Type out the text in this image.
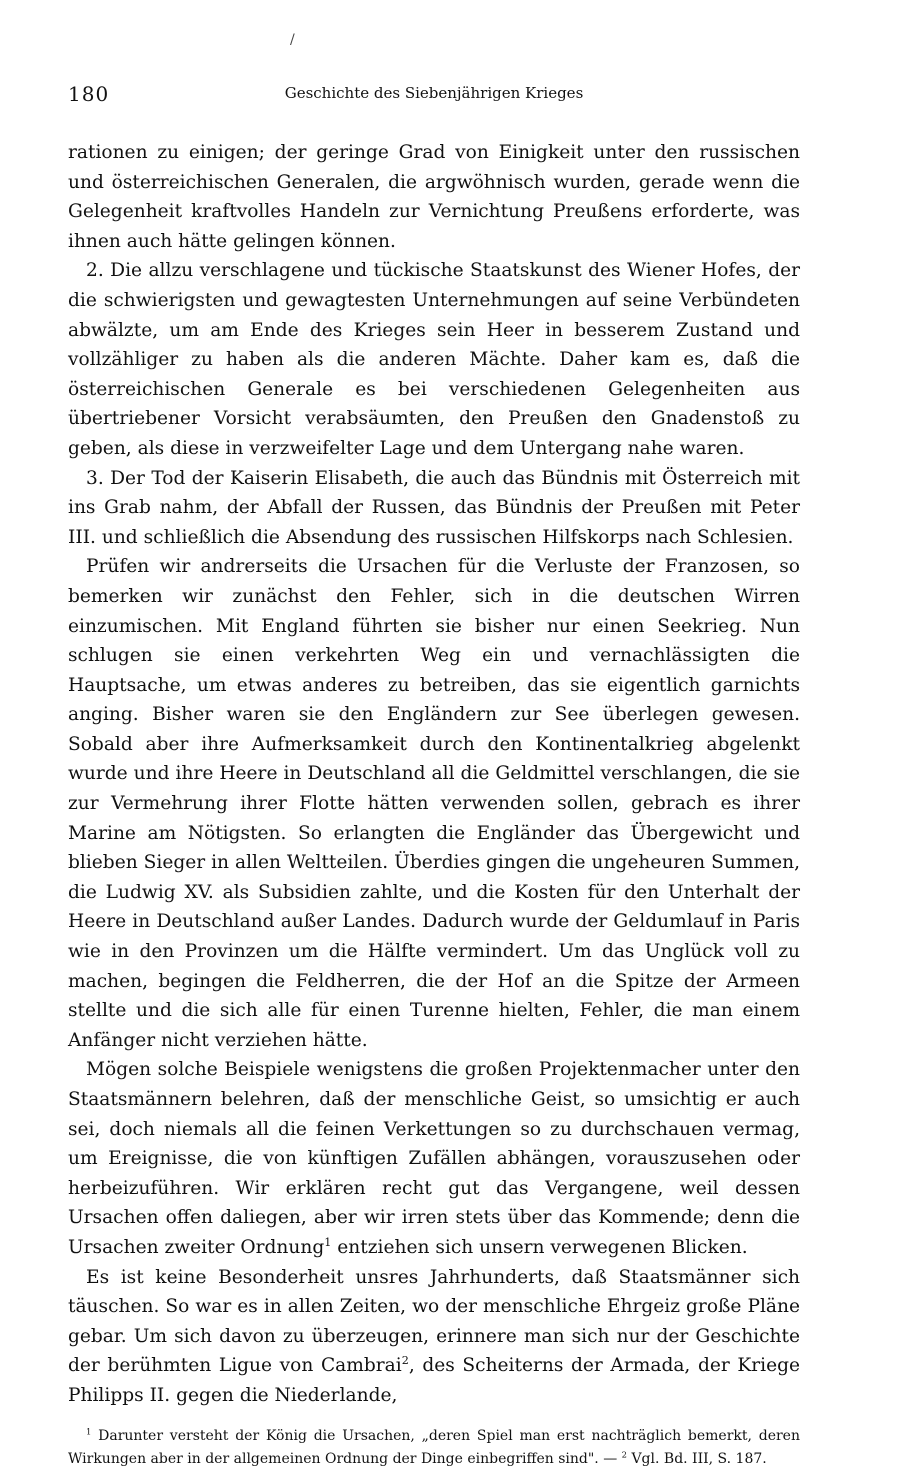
/
180	Geschichte des Siebenjährigen Krieges

rationen zu einigen; der geringe Grad von Einigkeit unter den russischen und österreichischen Generalen, die argwöhnisch wurden, gerade wenn die Gelegenheit kraftvolles Handeln zur Vernichtung Preußens erforderte, was ihnen auch hätte gelingen können.

2. Die allzu verschlagene und tückische Staatskunst des Wiener Hofes, der die schwierigsten und gewagtesten Unternehmungen auf seine Verbündeten abwälzte, um am Ende des Krieges sein Heer in besserem Zustand und vollzähliger zu haben als die anderen Mächte. Daher kam es, daß die österreichischen Generale es bei verschiedenen Gelegenheiten aus übertriebener Vorsicht verabsäumten, den Preußen den Gnadenstoß zu geben, als diese in verzweifelter Lage und dem Untergang nahe waren.

3. Der Tod der Kaiserin Elisabeth, die auch das Bündnis mit Österreich mit ins Grab nahm, der Abfall der Russen, das Bündnis der Preußen mit Peter III. und schließlich die Absendung des russischen Hilfskorps nach Schlesien.

Prüfen wir andrerseits die Ursachen für die Verluste der Franzosen, so bemerken wir zunächst den Fehler, sich in die deutschen Wirren einzumischen. Mit England führten sie bisher nur einen Seekrieg. Nun schlugen sie einen verkehrten Weg ein und vernachlässigten die Hauptsache, um etwas anderes zu betreiben, das sie eigentlich garnichts anging. Bisher waren sie den Engländern zur See überlegen gewesen. Sobald aber ihre Aufmerksamkeit durch den Kontinentalkrieg abgelenkt wurde und ihre Heere in Deutschland all die Geldmittel verschlangen, die sie zur Vermehrung ihrer Flotte hätten verwenden sollen, gebrach es ihrer Marine am Nötigsten. So erlangten die Engländer das Übergewicht und blieben Sieger in allen Weltteilen. Überdies gingen die ungeheuren Summen, die Ludwig XV. als Subsidien zahlte, und die Kosten für den Unterhalt der Heere in Deutschland außer Landes. Dadurch wurde der Geldumlauf in Paris wie in den Provinzen um die Hälfte vermindert. Um das Unglück voll zu machen, begingen die Feldherren, die der Hof an die Spitze der Armeen stellte und die sich alle für einen Turenne hielten, Fehler, die man einem Anfänger nicht verziehen hätte.

Mögen solche Beispiele wenigstens die großen Projektenmacher unter den Staatsmännern belehren, daß der menschliche Geist, so umsichtig er auch sei, doch niemals all die feinen Verkettungen so zu durchschauen vermag, um Ereignisse, die von künftigen Zufällen abhängen, vorauszusehen oder herbeizuführen. Wir erklären recht gut das Vergangene, weil dessen Ursachen offen daliegen, aber wir irren stets über das Kommende; denn die Ursachen zweiter Ordnung$^1$ entziehen sich unsern verwegenen Blicken.

Es ist keine Besonderheit unsres Jahrhunderts, daß Staatsmänner sich täuschen. So war es in allen Zeiten, wo der menschliche Ehrgeiz große Pläne gebar. Um sich davon zu überzeugen, erinnere man sich nur der Geschichte der berühmten Ligue von Cambrai$^2$, des Scheiterns der Armada, der Kriege Philipps II. gegen die Niederlande,

$^1$ Darunter versteht der König die Ursachen, „deren Spiel man erst nachträglich bemerkt, deren Wirkungen aber in der allgemeinen Ordnung der Dinge einbegriffen sind". — $^2$ Vgl. Bd. III, S. 187.
